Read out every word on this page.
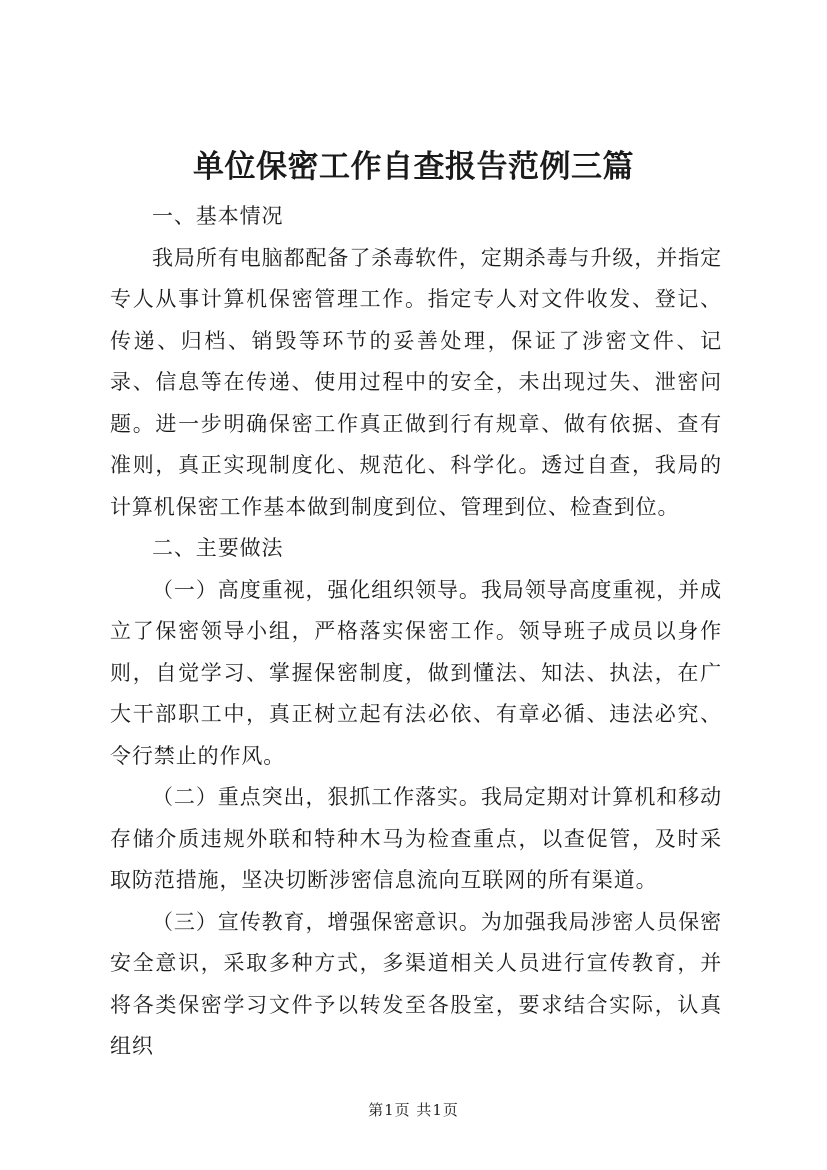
单位保密工作自查报告范例三篇

一、基本情况

我局所有电脑都配备了杀毒软件，定期杀毒与升级，并指定专人从事计算机保密管理工作。指定专人对文件收发、登记、传递、归档、销毁等环节的妥善处理，保证了涉密文件、记录、信息等在传递、使用过程中的安全，未出现过失、泄密问题。进一步明确保密工作真正做到行有规章、做有依据、查有准则，真正实现制度化、规范化、科学化。透过自查，我局的计算机保密工作基本做到制度到位、管理到位、检查到位。

二、主要做法

（一）高度重视，强化组织领导。我局领导高度重视，并成立了保密领导小组，严格落实保密工作。领导班子成员以身作则，自觉学习、掌握保密制度，做到懂法、知法、执法，在广大干部职工中，真正树立起有法必依、有章必循、违法必究、令行禁止的作风。

（二）重点突出，狠抓工作落实。我局定期对计算机和移动存储介质违规外联和特种木马为检查重点，以查促管，及时采取防范措施，坚决切断涉密信息流向互联网的所有渠道。

（三）宣传教育，增强保密意识。为加强我局涉密人员保密安全意识，采取多种方式，多渠道相关人员进行宣传教育，并将各类保密学习文件予以转发至各股室，要求结合实际，认真组织

第1页 共1页
